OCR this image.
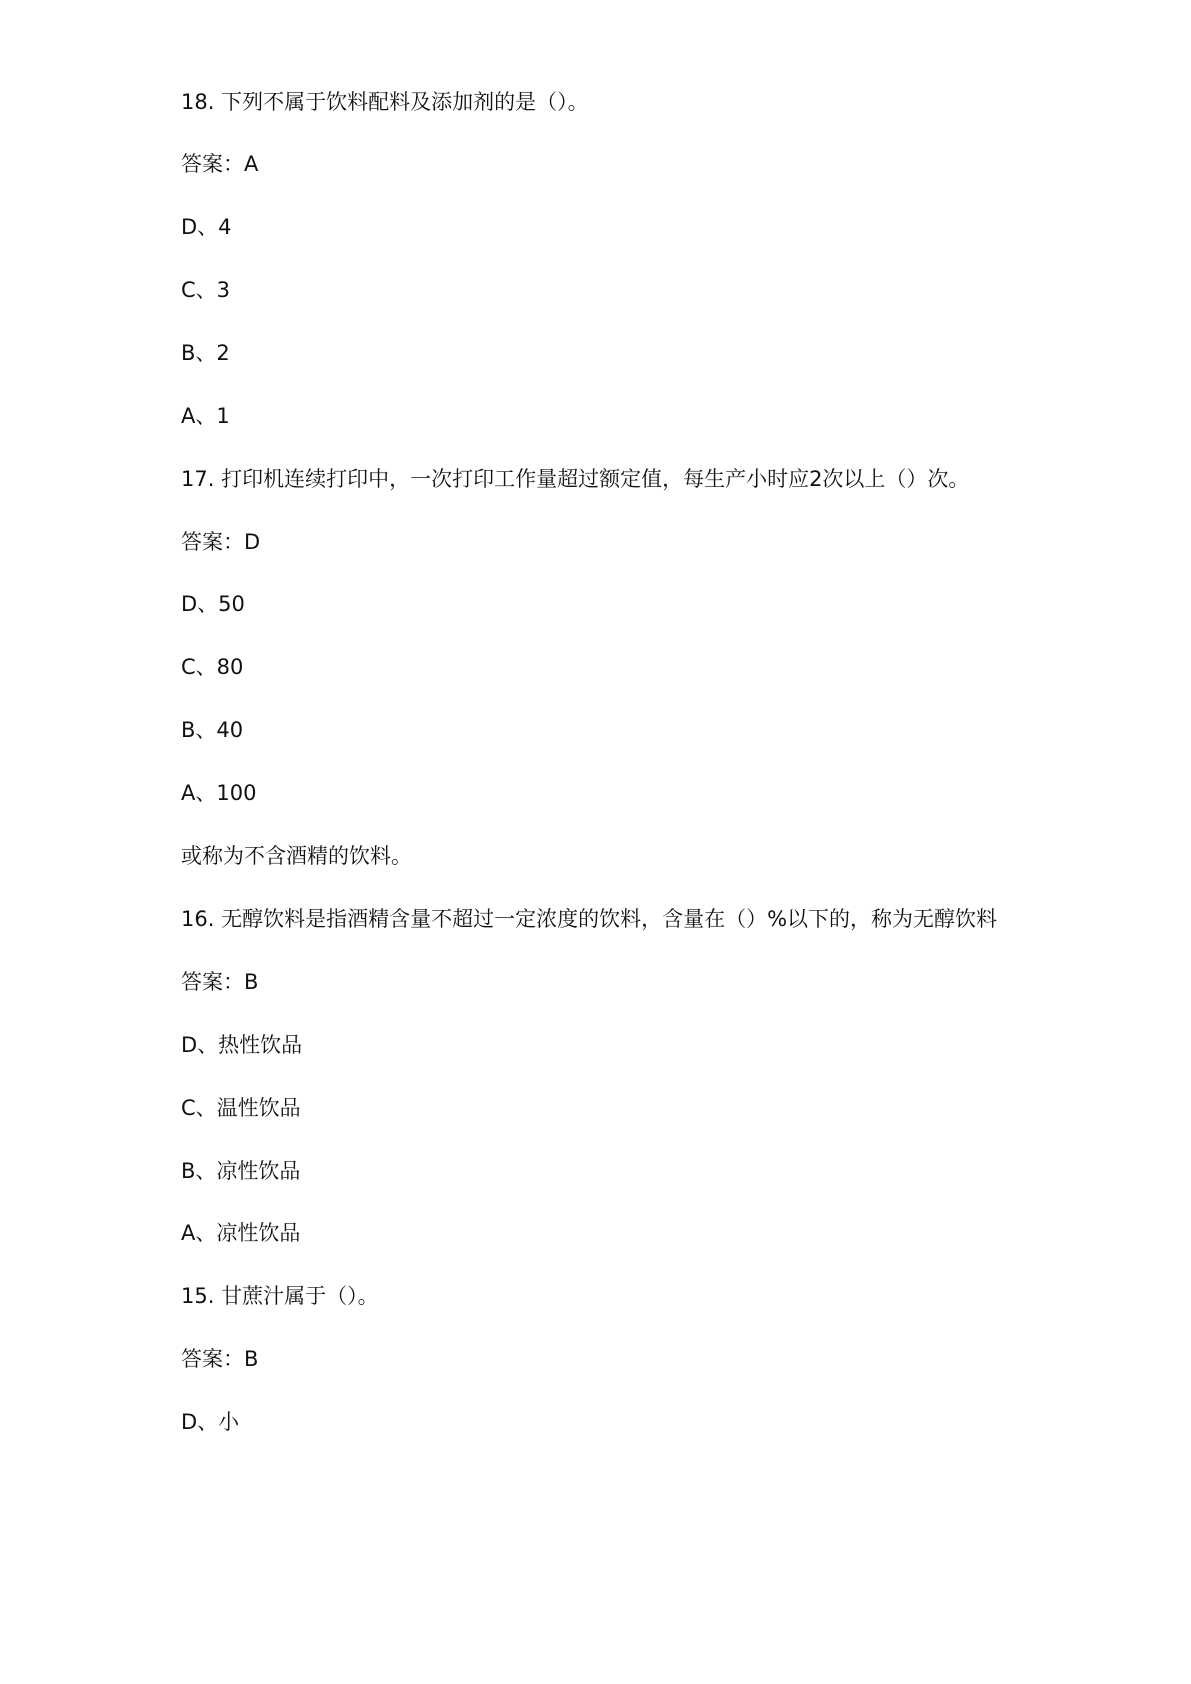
D、小
答案：B
15. 甘蔗汁属于（）。
A、凉性饮品
B、凉性饮品
C、温性饮品
D、热性饮品
答案：B
16. 无醇饮料是指酒精含量不超过一定浓度的饮料，含量在（）%以下的，称为无醇饮料
或称为不含酒精的饮料。
A、100
B、40
C、80
D、50
答案：D
17. 打印机连续打印中，一次打印工作量超过额定值，每生产小时应2次以上（）次。
A、1
B、2
C、3
D、4
答案：A
18. 下列不属于饮料配料及添加剂的是（）。
